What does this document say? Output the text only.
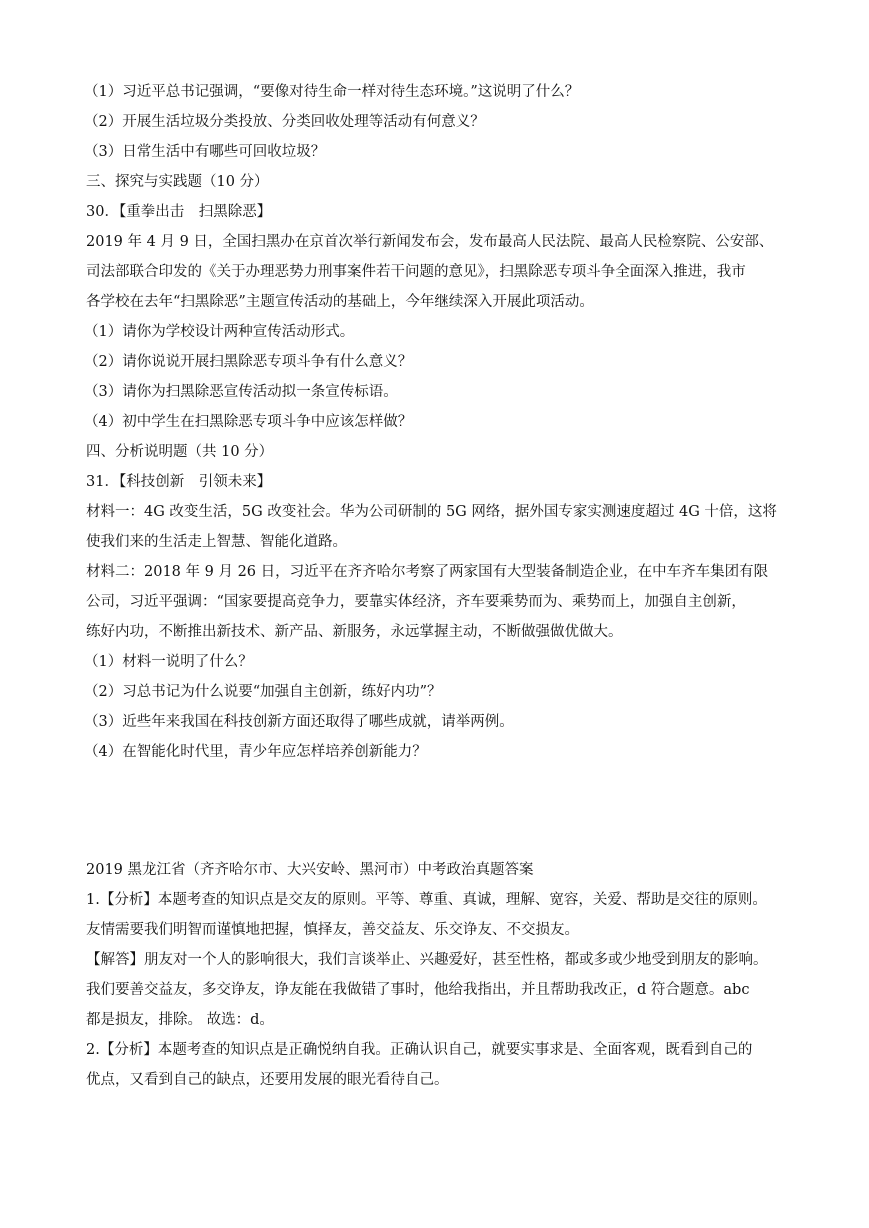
（1）习近平总书记强调，“要像对待生命一样对待生态环境。”这说明了什么？
（2）开展生活垃圾分类投放、分类回收处理等活动有何意义？
（3）日常生活中有哪些可回收垃圾？
三、探究与实践题（10 分）
30．【重拳出击　扫黑除恶】
2019 年 4 月 9 日，全国扫黑办在京首次举行新闻发布会，发布最高人民法院、最高人民检察院、公安部、
司法部联合印发的《关于办理恶势力刑事案件若干问题的意见》，扫黑除恶专项斗争全面深入推进，我市
各学校在去年“扫黑除恶”主题宣传活动的基础上，今年继续深入开展此项活动。
（1）请你为学校设计两种宣传活动形式。
（2）请你说说开展扫黑除恶专项斗争有什么意义？
（3）请你为扫黑除恶宣传活动拟一条宣传标语。
（4）初中学生在扫黑除恶专项斗争中应该怎样做？
四、分析说明题（共 10 分）
31．【科技创新　引领未来】
材料一：4G 改变生活，5G 改变社会。华为公司研制的 5G 网络，据外国专家实测速度超过 4G 十倍，这将
使我们来的生活走上智慧、智能化道路。
材料二：2018 年 9 月 26 日，习近平在齐齐哈尔考察了两家国有大型装备制造企业，在中车齐车集团有限
公司，习近平强调：“国家要提高竞争力，要靠实体经济，齐车要乘势而为、乘势而上，加强自主创新，
练好内功，不断推出新技术、新产品、新服务，永远掌握主动，不断做强做优做大。
（1）材料一说明了什么？
（2）习总书记为什么说要“加强自主创新，练好内功”？
（3）近些年来我国在科技创新方面还取得了哪些成就，请举两例。
（4）在智能化时代里，青少年应怎样培养创新能力？
2019 黑龙江省（齐齐哈尔市、大兴安岭、黑河市）中考政治真题答案
1.【分析】本题考查的知识点是交友的原则。平等、尊重、真诚，理解、宽容，关爱、帮助是交往的原则。
友情需要我们明智而谨慎地把握，慎择友，善交益友、乐交诤友、不交损友。
【解答】朋友对一个人的影响很大，我们言谈举止、兴趣爱好，甚至性格，都或多或少地受到朋友的影响。
我们要善交益友，多交诤友，诤友能在我做错了事时，他给我指出，并且帮助我改正，d 符合题意。abc
都是损友，排除。 故选：d。
2.【分析】本题考查的知识点是正确悦纳自我。正确认识自己，就要实事求是、全面客观，既看到自己的
优点，又看到自己的缺点，还要用发展的眼光看待自己。
